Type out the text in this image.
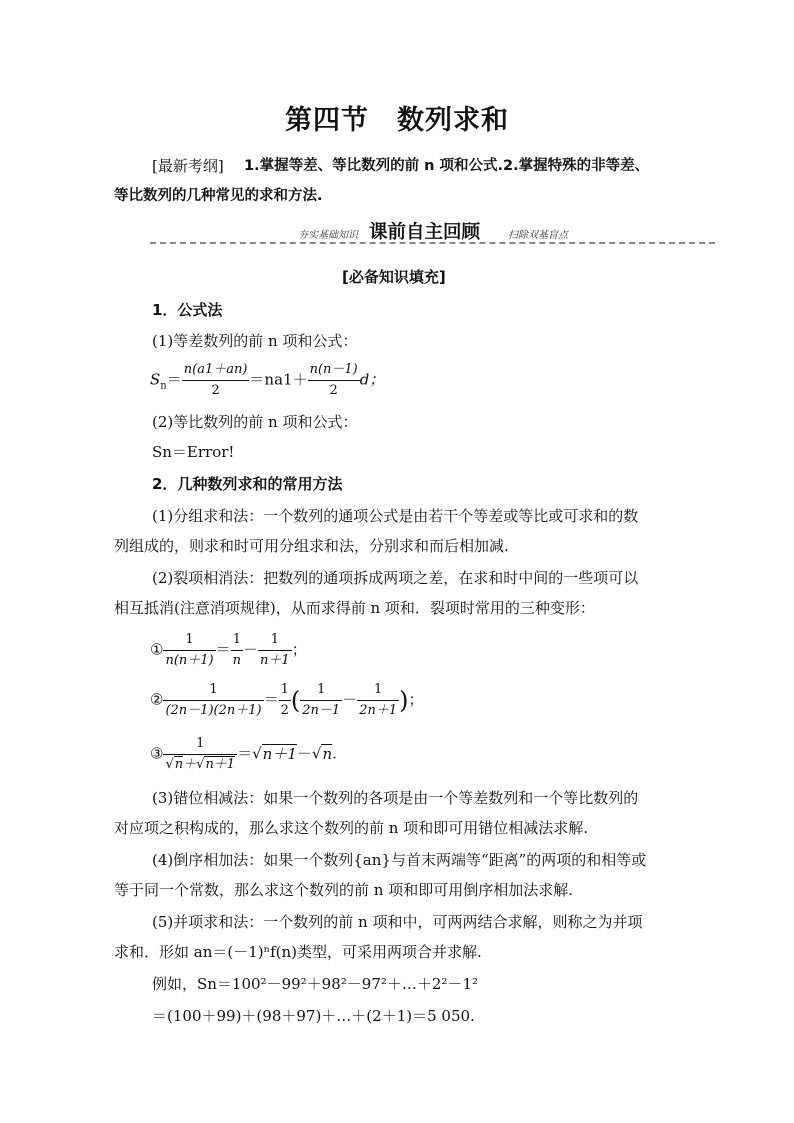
第四节　数列求和
[最新考纲] 1.掌握等差、等比数列的前 n 项和公式.2.掌握特殊的非等差、
等比数列的几种常见的求和方法.
夯实基础知识 课前自主回顾	扫除双基盲点
[必备知识填充]
1．公式法
(1)等差数列的前 n 项和公式：
$S_n= \frac{n(a1+an)}{2} =na1+ \frac{n(n-1)}{2}$ d；
(2)等比数列的前 n 项和公式：
Sn＝Error!
2．几种数列求和的常用方法
(1)分组求和法：一个数列的通项公式是由若干个等差或等比或可求和的数
列组成的，则求和时可用分组求和法，分别求和而后相加减.
(2)裂项相消法：把数列的通项拆成两项之差，在求和时中间的一些项可以
相互抵消(注意消项规律)，从而求得前 n 项和．裂项时常用的三种变形：
① $\frac{1}{n(n+1)} = \frac{1}{n} - \frac{1}{n+1}$ ；
② $\frac{1}{(2n-1)(2n+1)} = \frac{1}{2}$ ( $\frac{1}{2n-1} - \frac{1}{2n+1}$ )；
③ $\frac{1}{√n+√n+1} =√n+1-√n$.
(3)错位相减法：如果一个数列的各项是由一个等差数列和一个等比数列的
对应项之积构成的，那么求这个数列的前 n 项和即可用错位相减法求解.
(4)倒序相加法：如果一个数列{an}与首末两端等“距离”的两项的和相等或
等于同一个常数，那么求这个数列的前 n 项和即可用倒序相加法求解.
(5)并项求和法：一个数列的前 n 项和中，可两两结合求解，则称之为并项
求和．形如 an＝(－1)ⁿf(n)类型，可采用两项合并求解.
例如，Sn＝100²－99²＋98²－97²＋…＋2²－1²
＝(100＋99)＋(98＋97)＋…＋(2＋1)＝5 050.
